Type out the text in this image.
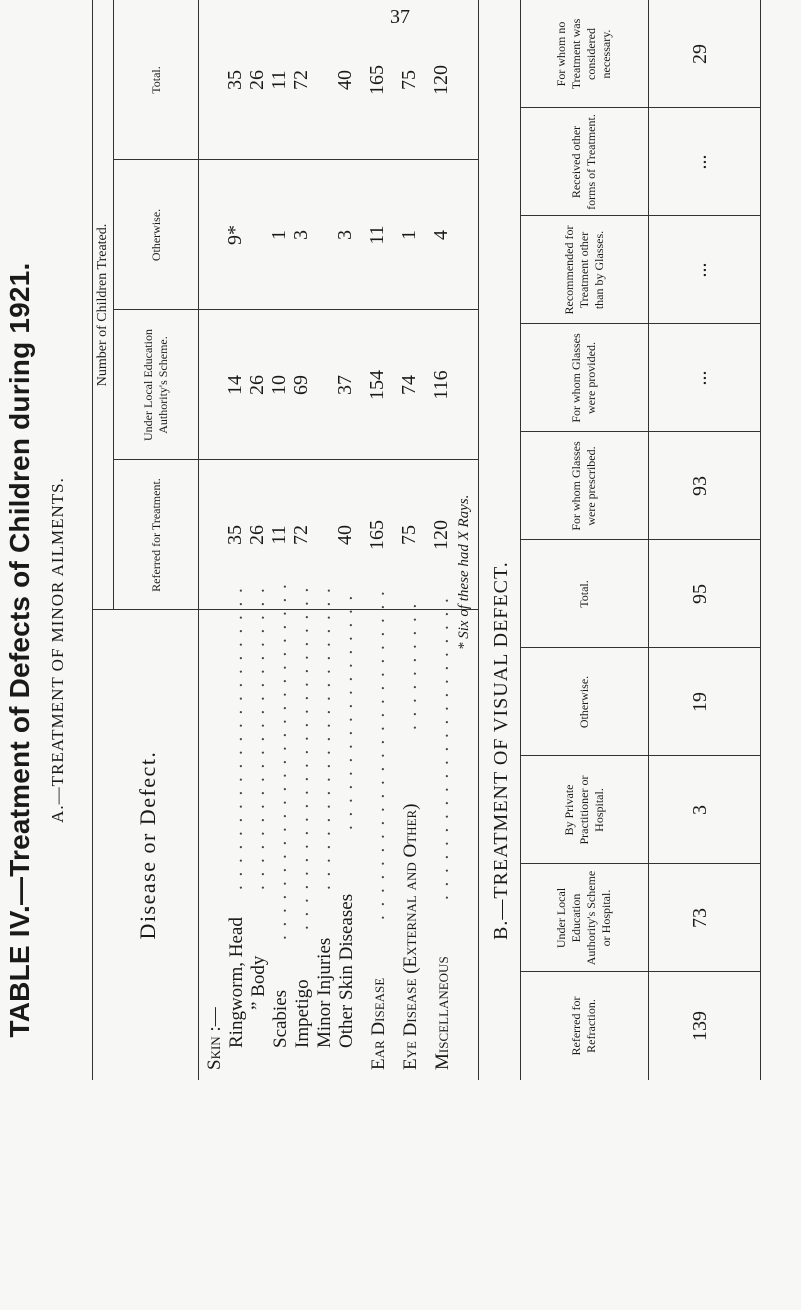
37
TABLE IV.—Treatment of Defects of Children during 1921. A.—TREATMENT OF MINOR AILMENTS.
Disease or Defect.
Number of Children Treated.
Referred for Treatment.
Under Local Education Authority's Scheme.
Otherwise.
Total.
Skin :— Ringworm, Head ” Body
Scabies Impetigo Minor Injuries Other Skin Diseases Ear Disease Eye Disease (External and Other) Miscellaneous
. . . . . . . . . . . . . . . . . . . . . . . . . . . . . . . . . . . . . . . . . . . . . . . . . . . . . . . . . . . . . . . . . . . . . . . . . . . . . . . . . . . . . . . . . . . . . . . . . . . . . . . . . . . . . . . . . . . . . . . . . . . . . . . . . . . . . . . . . . . . . . . . . . . . . . . . . . . . . . . . . . . . . . . . . . . . . . . . . . . . . . . . . . . . . . . . . . . . . .
35
14
9*
35
26
26
26
11
10
1
11
72
69
3
72
40
37
3
40
165
154
11
165
75
74
1
75
120
116
4
120
* Six of these had X Rays. B.—TREATMENT OF VISUAL DEFECT.
Referred for Refraction.
Under Local Education Authority's Scheme or Hospital.
By Private Practitioner or Hospital.
Otherwise.
Total.
For whom Glasses were prescribed.
For whom Glasses were provided.
Recommended for Treatment other than by Glasses.
Received other forms of Treatment.
For whom no Treatment was considered necessary.
139
73
3
19
95
93
...
...
...
29
